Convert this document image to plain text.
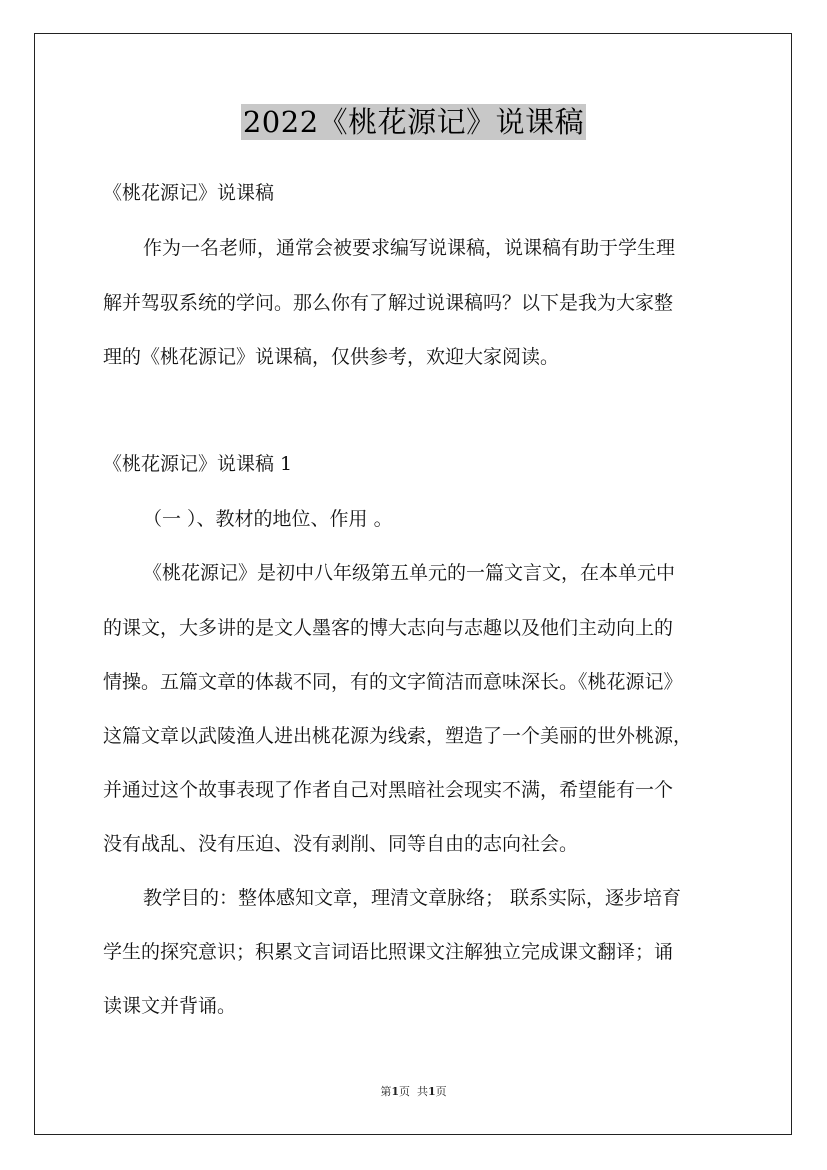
2022《桃花源记》说课稿
《桃花源记》说课稿
作为一名老师，通常会被要求编写说课稿，说课稿有助于学生理
解并驾驭系统的学问。那么你有了解过说课稿吗？以下是我为大家整
理的《桃花源记》说课稿，仅供参考，欢迎大家阅读。
《桃花源记》说课稿 1
（一 ）、教材的地位、作用 。
《桃花源记》是初中八年级第五单元的一篇文言文，在本单元中
的课文，大多讲的是文人墨客的博大志向与志趣以及他们主动向上的
情操。五篇文章的体裁不同，有的文字简洁而意味深长。《桃花源记》
这篇文章以武陵渔人进出桃花源为线索，塑造了一个美丽的世外桃源，
并通过这个故事表现了作者自己对黑暗社会现实不满，希望能有一个
没有战乱、没有压迫、没有剥削、同等自由的志向社会。
教学目的：整体感知文章，理清文章脉络； 联系实际，逐步培育
学生的探究意识；积累文言词语比照课文注解独立完成课文翻译；诵
读课文并背诵。
第1页 共1页
